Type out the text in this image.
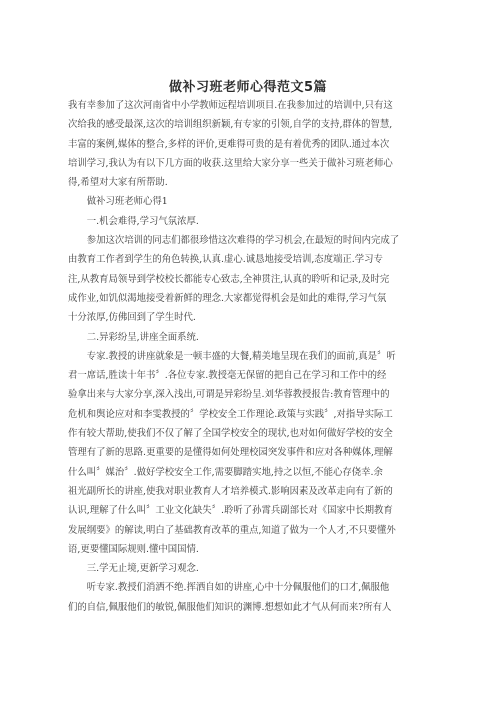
做补习班老师心得范文5篇
我有幸参加了这次河南省中小学教师远程培训项目.在我参加过的培训中,只有这
次给我的感受最深,这次的培训组织新颖,有专家的引领,自学的支持,群体的智慧,
丰富的案例,媒体的整合,多样的评价,更难得可贵的是有着优秀的团队.通过本次
培训学习,我认为有以下几方面的收获.这里给大家分享一些关于做补习班老师心
得,希望对大家有所帮助.
　　做补习班老师心得1
　　一.机会难得,学习气氛浓厚.
　　参加这次培训的同志们都很珍惜这次难得的学习机会,在最短的时间内完成了
由教育工作者到学生的角色转换,认真.虚心.诚恳地接受培训,态度端正.学习专
注,从教育局领导到学校校长都能专心致志,全神贯注,认真的聆听和记录,及时完
成作业,如饥似渴地接受着新鲜的理念.大家都觉得机会是如此的难得,学习气氛
十分浓厚,仿佛回到了学生时代.
　　二.异彩纷呈,讲座全面系统.
　　专家.教授的讲座就象是一顿丰盛的大餐,精美地呈现在我们的面前,真是〞听
君一席话,胜读十年书〞.各位专家.教授毫无保留的把自己在学习和工作中的经
验拿出来与大家分享,深入浅出,可谓是异彩纷呈.刘华蓉教授报告:教育管理中的
危机和舆论应对和李雯教授的〞学校安全工作理论.政策与实践〞,对指导实际工
作有较大帮助,使我们不仅了解了全国学校安全的现状,也对如何做好学校的安全
管理有了新的思路.更重要的是懂得如何处理校园突发事件和应对各种媒体,理解
什么叫〞媒治〞.做好学校安全工作,需要脚踏实地,持之以恒,不能心存侥幸.余
祖光副所长的讲座,使我对职业教育人才培养模式.影响因素及改革走向有了新的
认识,理解了什么叫〞工业文化缺失〞.聆听了孙霄兵副部长对《国家中长期教育
发展纲要》的解读,明白了基础教育改革的重点,知道了做为一个人才,不只要懂外
语,更要懂国际规则.懂中国国情.
　　三.学无止境,更新学习观念.
　　听专家.教授们消洒不绝.挥洒自如的讲座,心中十分佩服他们的口才,佩服他
们的自信,佩服他们的敏锐,佩服他们知识的渊博.想想如此才气从何而来?所有人
